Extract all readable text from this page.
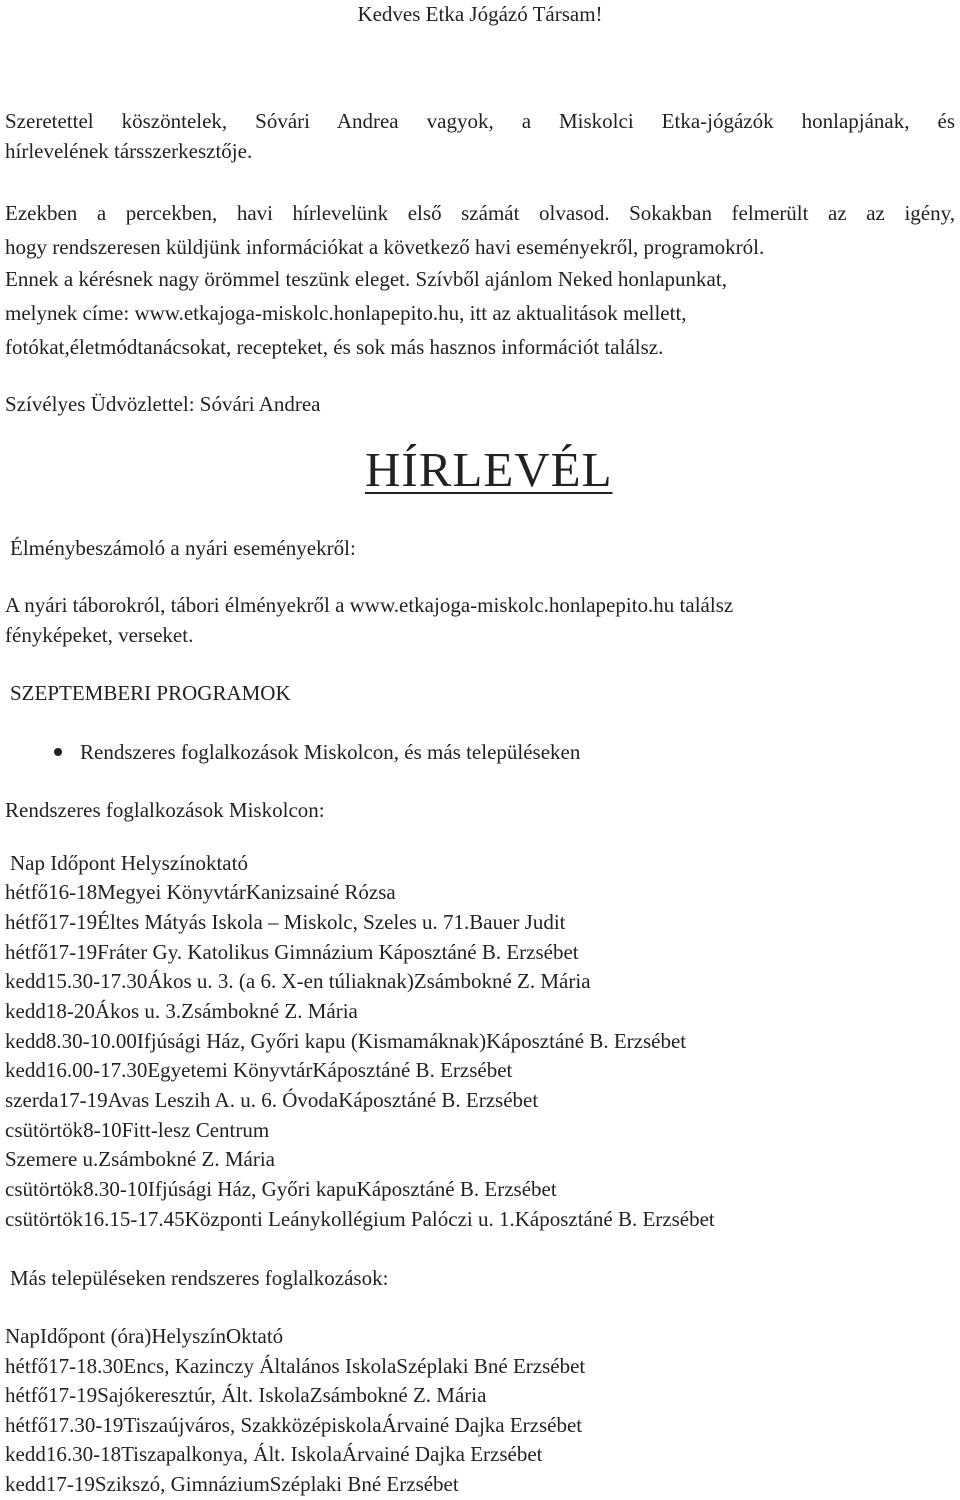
Kedves Etka Jógázó Társam!
Szeretettel köszöntelek, Sóvári Andrea vagyok, a Miskolci Etka-jógázók honlapjának, és
hírlevelének társszerkesztője.
Ezekben a percekben, havi hírlevelünk első számát olvasod. Sokakban felmerült az az igény,
hogy rendszeresen küldjünk információkat a következő havi eseményekről, programokról.
Ennek a kérésnek nagy örömmel teszünk eleget. Szívből ajánlom Neked honlapunkat,
melynek címe: www.etkajoga-miskolc.honlapepito.hu, itt az aktualitások mellett,
fotókat,életmódtanácsokat, recepteket, és sok más hasznos információt találsz.
Szívélyes Üdvözlettel: Sóvári Andrea
HÍRLEVÉL
Élménybeszámoló a nyári eseményekről:
A nyári táborokról, tábori élményekről a www.etkajoga-miskolc.honlapepito.hu találsz
fényképeket, verseket.
SZEPTEMBERI PROGRAMOK
Rendszeres foglalkozások Miskolcon, és más településeken
Rendszeres foglalkozások Miskolcon:
Nap Időpont Helyszínoktató
hétfő16-18Megyei KönyvtárKanizsainé Rózsa
hétfő17-19Éltes Mátyás Iskola – Miskolc, Szeles u. 71.Bauer Judit
hétfő17-19Fráter Gy. Katolikus Gimnázium Káposztáné B. Erzsébet
kedd15.30-17.30Ákos u. 3. (a 6. X-en túliaknak)Zsámbokné Z. Mária
kedd18-20Ákos u. 3.Zsámbokné Z. Mária
kedd8.30-10.00Ifjúsági Ház, Győri kapu (Kismamáknak)Káposztáné B. Erzsébet
kedd16.00-17.30Egyetemi KönyvtárKáposztáné B. Erzsébet
szerda17-19Avas Leszih A. u. 6. ÓvodaKáposztáné B. Erzsébet
csütörtök8-10Fitt-lesz Centrum
Szemere u.Zsámbokné Z. Mária
csütörtök8.30-10Ifjúsági Ház, Győri kapuKáposztáné B. Erzsébet
csütörtök16.15-17.45Központi Leánykollégium Palóczi u. 1.Káposztáné B. Erzsébet
Más településeken rendszeres foglalkozások:
NapIdőpont (óra)HelyszínOktató
hétfő17-18.30Encs, Kazinczy Általános IskolaSzéplaki Bné Erzsébet
hétfő17-19Sajókeresztúr, Ált. IskolaZsámbokné Z. Mária
hétfő17.30-19Tiszaújváros, SzakközépiskolaÁrvainé Dajka Erzsébet
kedd16.30-18Tiszapalkonya, Ált. IskolaÁrvainé Dajka Erzsébet
kedd17-19Szikszó, GimnáziumSzéplaki Bné Erzsébet
